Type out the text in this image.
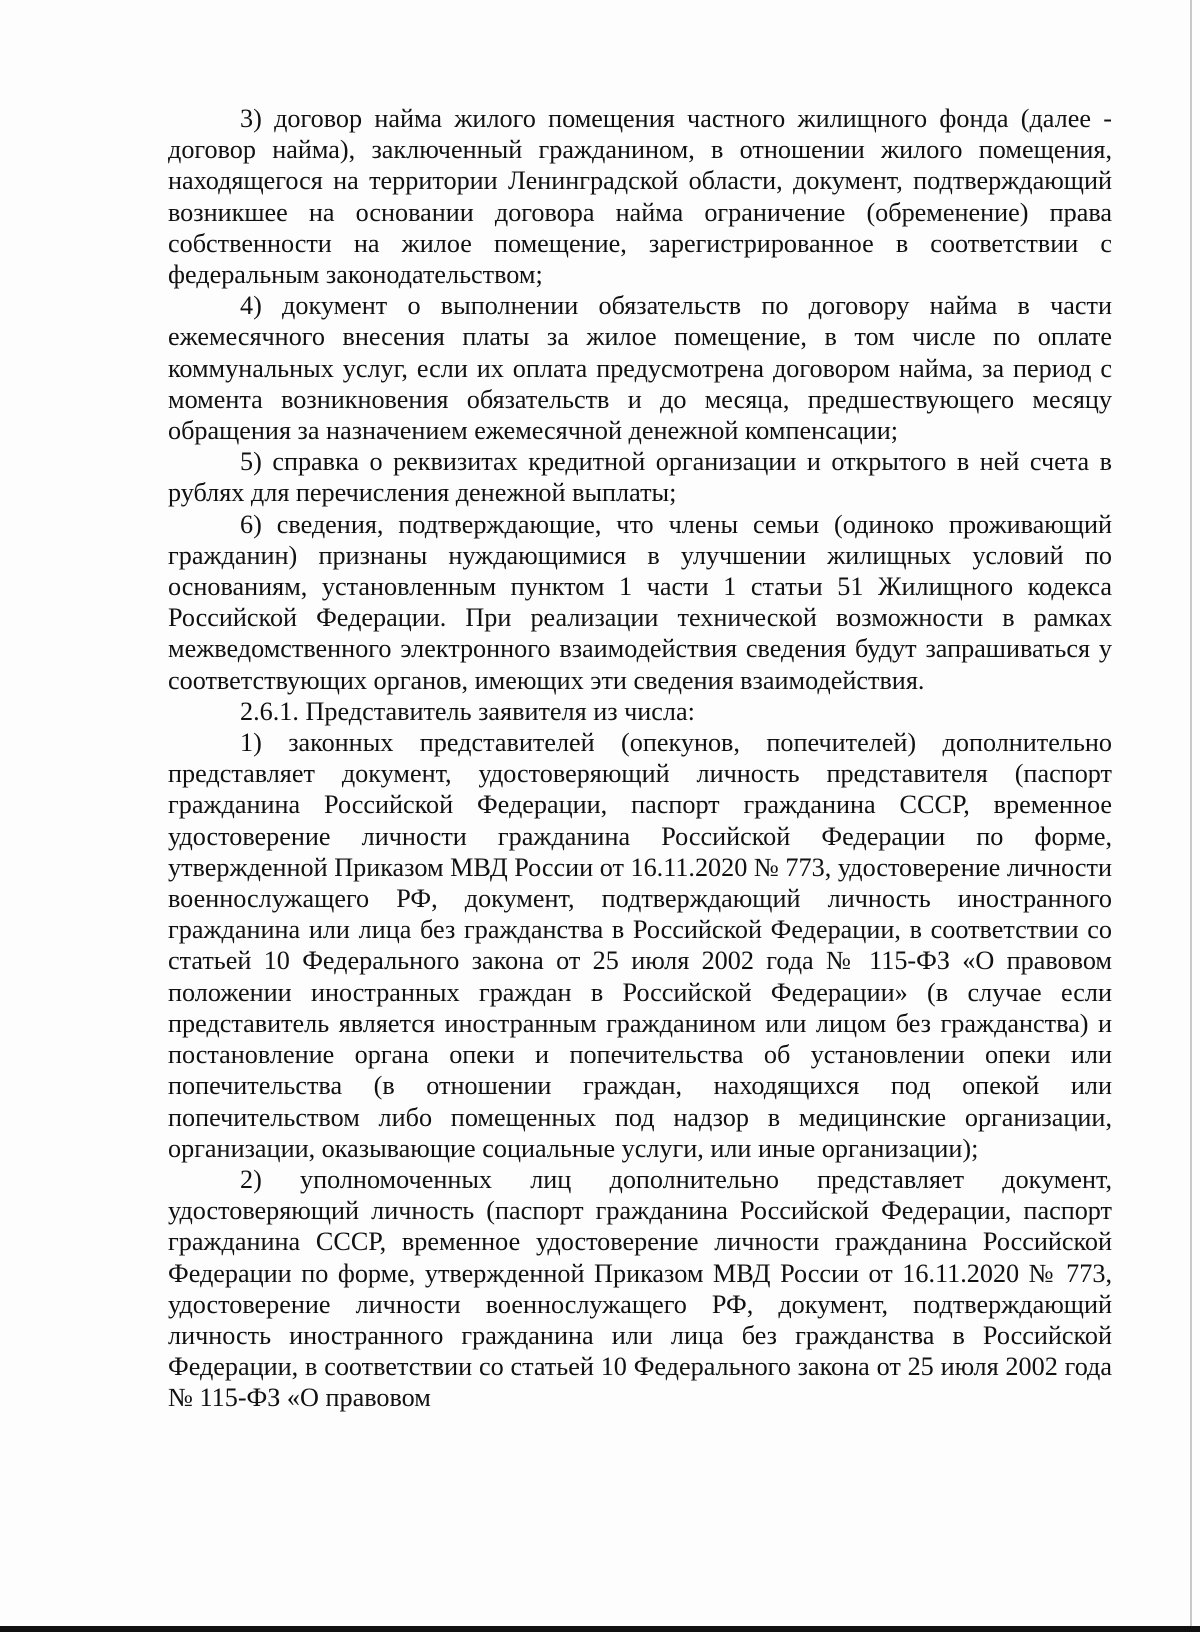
3) договор найма жилого помещения частного жилищного фонда (далее - договор найма), заключенный гражданином, в отношении жилого помещения, находящегося на территории Ленинградской области, документ, подтверждающий возникшее на основании договора найма ограничение (обременение) права собственности на жилое помещение, зарегистрированное в соответствии с федеральным законодательством;

4) документ о выполнении обязательств по договору найма в части ежемесячного внесения платы за жилое помещение, в том числе по оплате коммунальных услуг, если их оплата предусмотрена договором найма, за период с момента возникновения обязательств и до месяца, предшествующего месяцу обращения за назначением ежемесячной денежной компенсации;

5) справка о реквизитах кредитной организации и открытого в ней счета в рублях для перечисления денежной выплаты;

6) сведения, подтверждающие, что члены семьи (одиноко проживающий гражданин) признаны нуждающимися в улучшении жилищных условий по основаниям, установленным пунктом 1 части 1 статьи 51 Жилищного кодекса Российской Федерации. При реализации технической возможности в рамках межведомственного электронного взаимодействия сведения будут запрашиваться у соответствующих органов, имеющих эти сведения взаимодействия.

2.6.1. Представитель заявителя из числа:

1) законных представителей (опекунов, попечителей) дополнительно представляет документ, удостоверяющий личность представителя (паспорт гражданина Российской Федерации, паспорт гражданина СССР, временное удостоверение личности гражданина Российской Федерации по форме, утвержденной Приказом МВД России от 16.11.2020 № 773, удостоверение личности военнослужащего РФ, документ, подтверждающий личность иностранного гражданина или лица без гражданства в Российской Федерации, в соответствии со статьей 10 Федерального закона от 25 июля 2002 года № 115-ФЗ «О правовом положении иностранных граждан в Российской Федерации» (в случае если представитель является иностранным гражданином или лицом без гражданства) и постановление органа опеки и попечительства об установлении опеки или попечительства (в отношении граждан, находящихся под опекой или попечительством либо помещенных под надзор в медицинские организации, организации, оказывающие социальные услуги, или иные организации);

2) уполномоченных лиц дополнительно представляет документ, удостоверяющий личность (паспорт гражданина Российской Федерации, паспорт гражданина СССР, временное удостоверение личности гражданина Российской Федерации по форме, утвержденной Приказом МВД России от 16.11.2020 № 773, удостоверение личности военнослужащего РФ, документ, подтверждающий личность иностранного гражданина или лица без гражданства в Российской Федерации, в соответствии со статьей 10 Федерального закона от 25 июля 2002 года № 115-ФЗ «О правовом
